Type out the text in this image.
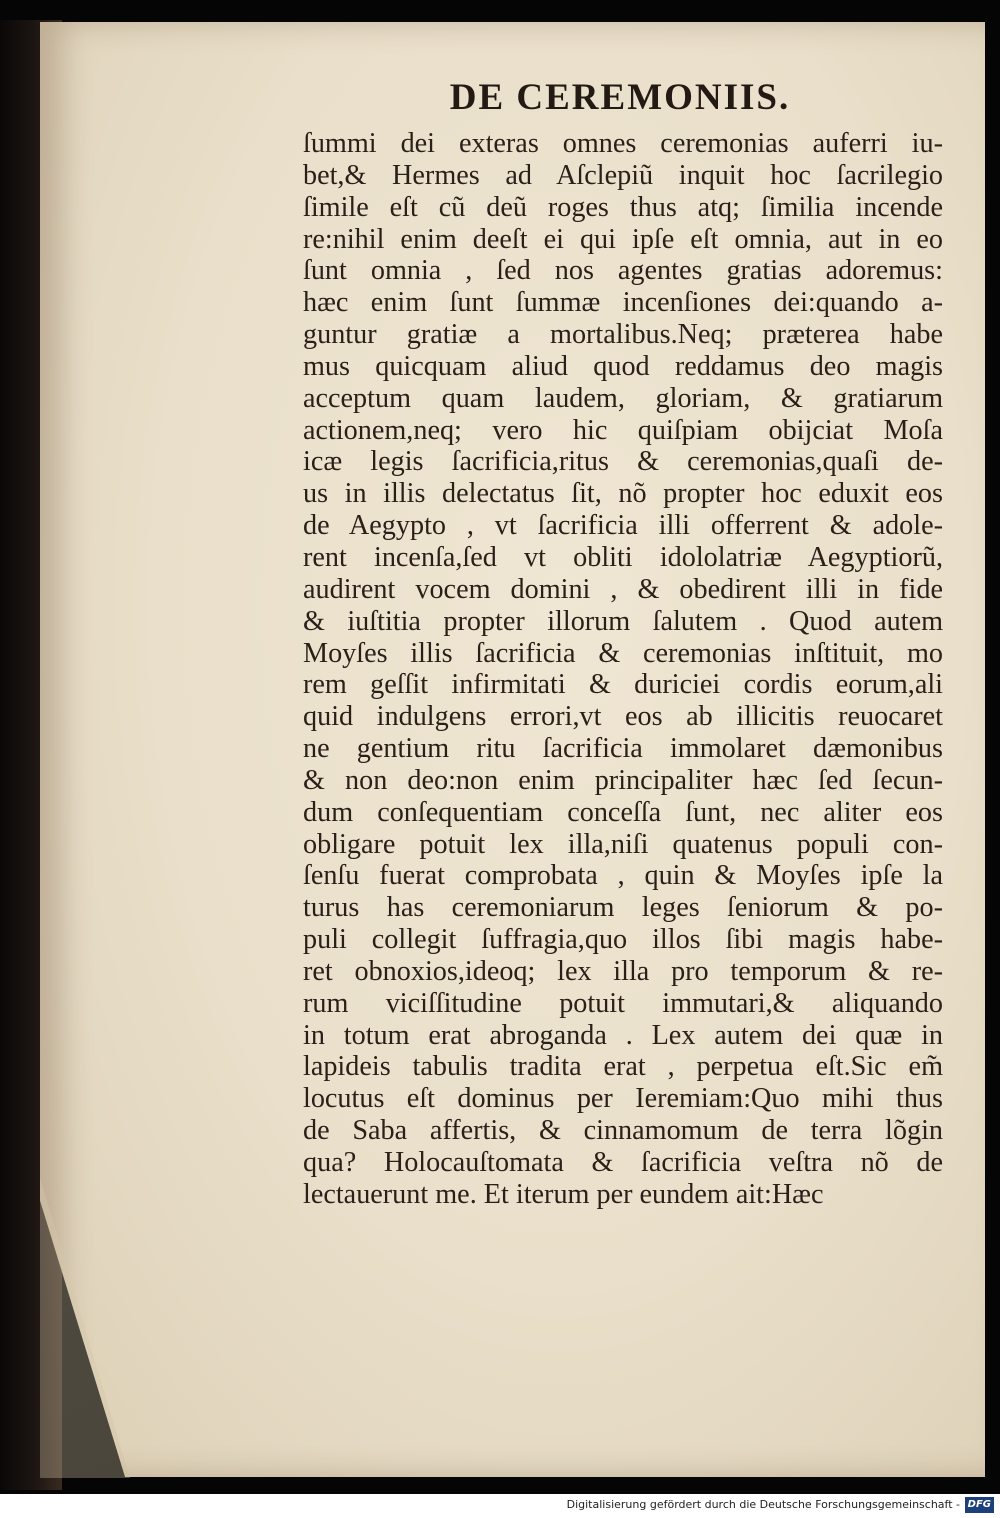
DE CEREMONIIS.
ſummi dei exteras omnes ceremonias auferri iu-
bet,& Hermes ad Aſclepiũ inquit hoc ſacrilegio
ſimile eſt cũ deũ roges thus atq; ſimilia incende
re:nihil enim deeſt ei qui ipſe eſt omnia, aut in eo
ſunt omnia , ſed nos agentes gratias adoremus:
hæc enim ſunt ſummæ incenſiones dei:quando a-
guntur gratiæ a mortalibus.Neq; præterea habe
mus quicquam aliud quod reddamus deo magis
acceptum quam laudem, gloriam, & gratiarum
actionem,neq; vero hic quiſpiam obijciat Moſa
icæ legis ſacrificia,ritus & ceremonias,quaſi de-
us in illis delectatus ſit, nõ propter hoc eduxit eos
de Aegypto , vt ſacrificia illi offerrent & adole-
rent incenſa,ſed vt obliti idololatriæ Aegyptiorũ,
audirent vocem domini , & obedirent illi in fide
& iuſtitia propter illorum ſalutem . Quod autem
Moyſes illis ſacrificia & ceremonias inſtituit, mo
rem geſſit infirmitati & duriciei cordis eorum,ali
quid indulgens errori,vt eos ab illicitis reuocaret
ne gentium ritu ſacrificia immolaret dæmonibus
& non deo:non enim principaliter hæc ſed ſecun-
dum conſequentiam conceſſa ſunt, nec aliter eos
obligare potuit lex illa,niſi quatenus populi con-
ſenſu fuerat comprobata , quin & Moyſes ipſe la
turus has ceremoniarum leges ſeniorum & po-
puli collegit ſuffragia,quo illos ſibi magis habe-
ret obnoxios,ideoq; lex illa pro temporum & re-
rum viciſſitudine potuit immutari,& aliquando
in totum erat abroganda . Lex autem dei quæ in
lapideis tabulis tradita erat , perpetua eſt.Sic em̃
locutus eſt dominus per Ieremiam:Quo mihi thus
de Saba affertis, & cinnamomum de terra lõgin
qua? Holocauſtomata & ſacrificia veſtra nõ de
lectauerunt me. Et iterum per eundem ait:Hæc
Digitalisierung gefördert durch die Deutsche Forschungsgemeinschaft - DFG
